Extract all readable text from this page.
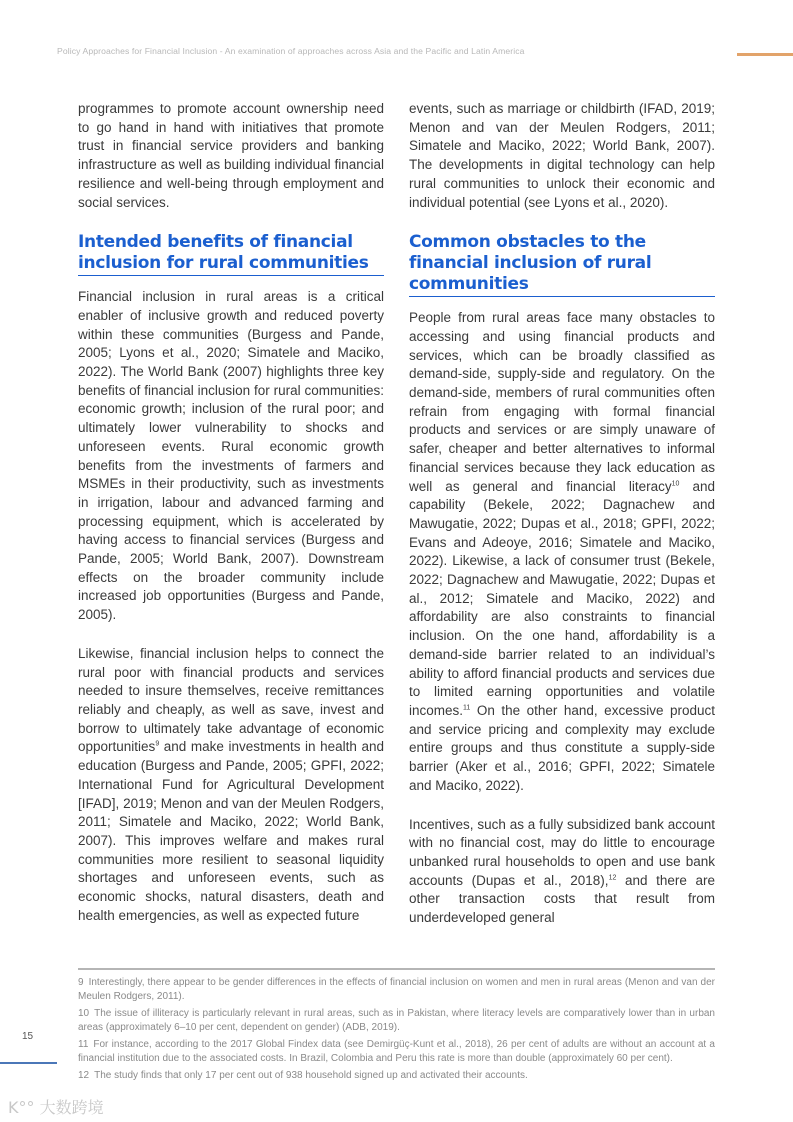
Policy Approaches for Financial Inclusion - An examination of approaches across Asia and the Pacific and Latin America

programmes to promote account ownership need to go hand in hand with initiatives that promote trust in financial service providers and banking infrastructure as well as building individual financial resilience and well-being through employment and social services.

Intended benefits of financial inclusion for rural communities

Financial inclusion in rural areas is a critical enabler of inclusive growth and reduced poverty within these communities (Burgess and Pande, 2005; Lyons et al., 2020; Simatele and Maciko, 2022). The World Bank (2007) highlights three key benefits of financial inclusion for rural communities: economic growth; inclusion of the rural poor; and ultimately lower vulnerability to shocks and unforeseen events. Rural economic growth benefits from the investments of farmers and MSMEs in their productivity, such as investments in irrigation, labour and advanced farming and processing equipment, which is accelerated by having access to financial services (Burgess and Pande, 2005; World Bank, 2007). Downstream effects on the broader community include increased job opportunities (Burgess and Pande, 2005).

Likewise, financial inclusion helps to connect the rural poor with financial products and services needed to insure themselves, receive remittances reliably and cheaply, as well as save, invest and borrow to ultimately take advantage of economic opportunities$^9$ and make investments in health and education (Burgess and Pande, 2005; GPFI, 2022; International Fund for Agricultural Development [IFAD], 2019; Menon and van der Meulen Rodgers, 2011; Simatele and Maciko, 2022; World Bank, 2007). This improves welfare and makes rural communities more resilient to seasonal liquidity shortages and unforeseen events, such as economic shocks, natural disasters, death and health emergencies, as well as expected future

events, such as marriage or childbirth (IFAD, 2019; Menon and van der Meulen Rodgers, 2011; Simatele and Maciko, 2022; World Bank, 2007). The developments in digital technology can help rural communities to unlock their economic and individual potential (see Lyons et al., 2020).

Common obstacles to the financial inclusion of rural communities

People from rural areas face many obstacles to accessing and using financial products and services, which can be broadly classified as demand-side, supply-side and regulatory. On the demand-side, members of rural communities often refrain from engaging with formal financial products and services or are simply unaware of safer, cheaper and better alternatives to informal financial services because they lack education as well as general and financial literacy$^{10}$ and capability (Bekele, 2022; Dagnachew and Mawugatie, 2022; Dupas et al., 2018; GPFI, 2022; Evans and Adeoye, 2016; Simatele and Maciko, 2022). Likewise, a lack of consumer trust (Bekele, 2022; Dagnachew and Mawugatie, 2022; Dupas et al., 2012; Simatele and Maciko, 2022) and affordability are also constraints to financial inclusion. On the one hand, affordability is a demand-side barrier related to an individual’s ability to afford financial products and services due to limited earning opportunities and volatile incomes.$^{11}$ On the other hand, excessive product and service pricing and complexity may exclude entire groups and thus constitute a supply-side barrier (Aker et al., 2016; GPFI, 2022; Simatele and Maciko, 2022).

Incentives, such as a fully subsidized bank account with no financial cost, may do little to encourage unbanked rural households to open and use bank accounts (Dupas et al., 2018),$^{12}$ and there are other transaction costs that result from underdeveloped general

9 Interestingly, there appear to be gender differences in the effects of financial inclusion on women and men in rural areas (Menon and van der Meulen Rodgers, 2011).
10 The issue of illiteracy is particularly relevant in rural areas, such as in Pakistan, where literacy levels are comparatively lower than in urban areas (approximately 6–10 per cent, dependent on gender) (ADB, 2019).
11 For instance, according to the 2017 Global Findex data (see Demirgüç-Kunt et al., 2018), 26 per cent of adults are without an account at a financial institution due to the associated costs. In Brazil, Colombia and Peru this rate is more than double (approximately 60 per cent).
12 The study finds that only 17 per cent out of 938 household signed up and activated their accounts.
15
K°° 大数跨境
